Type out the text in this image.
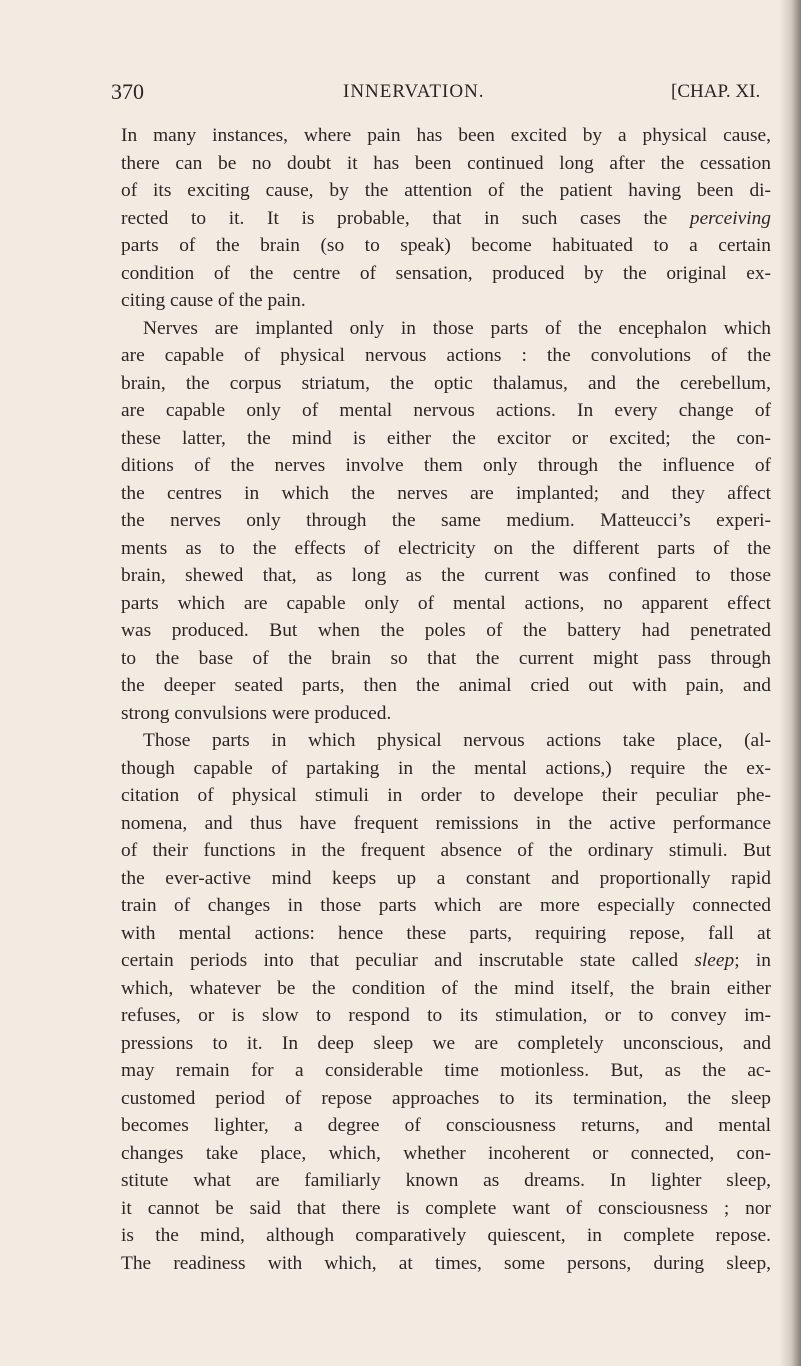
370	INNERVATION.	[CHAP. XI.
In many instances, where pain has been excited by a physical cause,
there can be no doubt it has been continued long after the cessation
of its exciting cause, by the attention of the patient having been di-
rected to it. It is probable, that in such cases the perceiving
parts of the brain (so to speak) become habituated to a certain
condition of the centre of sensation, produced by the original ex-
citing cause of the pain.
Nerves are implanted only in those parts of the encephalon which
are capable of physical nervous actions : the convolutions of the
brain, the corpus striatum, the optic thalamus, and the cerebellum,
are capable only of mental nervous actions. In every change of
these latter, the mind is either the excitor or excited; the con-
ditions of the nerves involve them only through the influence of
the centres in which the nerves are implanted; and they affect
the nerves only through the same medium. Matteucci’s experi-
ments as to the effects of electricity on the different parts of the
brain, shewed that, as long as the current was confined to those
parts which are capable only of mental actions, no apparent effect
was produced. But when the poles of the battery had penetrated
to the base of the brain so that the current might pass through
the deeper seated parts, then the animal cried out with pain, and
strong convulsions were produced.
Those parts in which physical nervous actions take place, (al-
though capable of partaking in the mental actions,) require the ex-
citation of physical stimuli in order to develope their peculiar phe-
nomena, and thus have frequent remissions in the active performance
of their functions in the frequent absence of the ordinary stimuli. But
the ever-active mind keeps up a constant and proportionally rapid
train of changes in those parts which are more especially connected
with mental actions: hence these parts, requiring repose, fall at
certain periods into that peculiar and inscrutable state called sleep; in
which, whatever be the condition of the mind itself, the brain either
refuses, or is slow to respond to its stimulation, or to convey im-
pressions to it. In deep sleep we are completely unconscious, and
may remain for a considerable time motionless. But, as the ac-
customed period of repose approaches to its termination, the sleep
becomes lighter, a degree of consciousness returns, and mental
changes take place, which, whether incoherent or connected, con-
stitute what are familiarly known as dreams. In lighter sleep,
it cannot be said that there is complete want of consciousness ; nor
is the mind, although comparatively quiescent, in complete repose.
The readiness with which, at times, some persons, during sleep,
